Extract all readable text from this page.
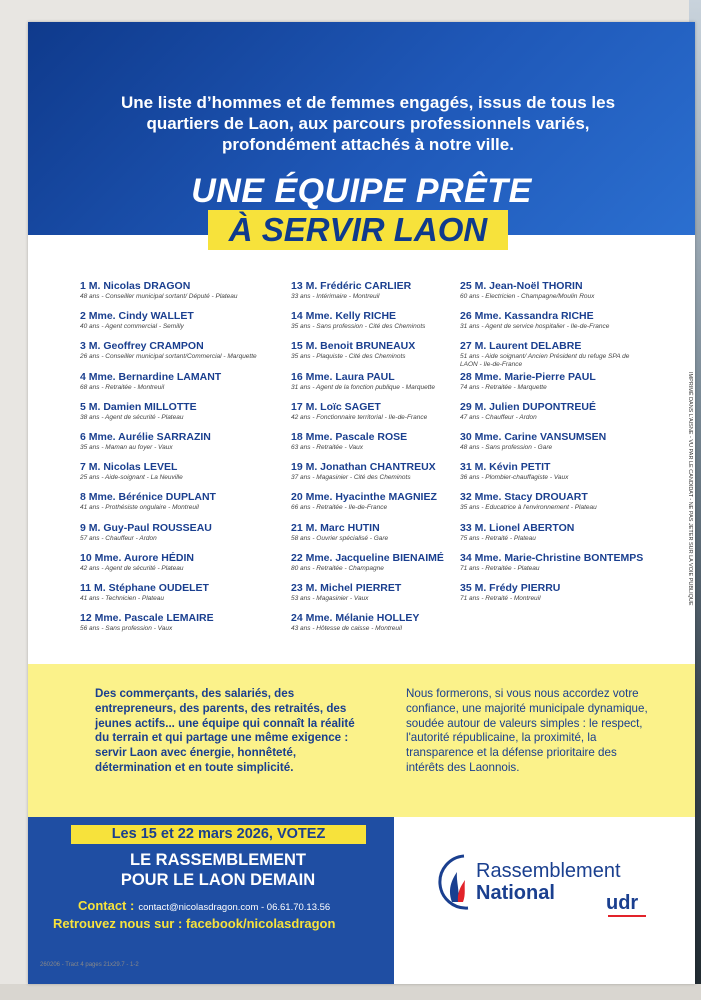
Une liste d’hommes et de femmes engagés, issus de tous les quartiers de Laon, aux parcours professionnels variés, profondément attachés à notre ville.

UNE ÉQUIPE PRÊTE
À SERVIR LAON
1 M. Nicolas DRAGON
48 ans - Conseiller municipal sortant/ Député - Plateau
2 Mme. Cindy WALLET
40 ans - Agent commercial - Semilly
3 M. Geoffrey CRAMPON
26 ans - Conseiller municipal sortant/Commercial - Marquette
4 Mme. Bernardine LAMANT
68 ans - Retraitée - Montreuil
5 M. Damien MILLOTTE
38 ans - Agent de sécurité - Plateau
6 Mme. Aurélie SARRAZIN
35 ans - Maman au foyer - Vaux
7 M. Nicolas LEVEL
25 ans - Aide-soignant - La Neuville
8 Mme. Bérénice DUPLANT
41 ans - Prothésiste ongulaire - Montreuil
9 M. Guy-Paul ROUSSEAU
57 ans - Chauffeur - Ardon
10 Mme. Aurore HÉDIN
42 ans - Agent de sécurité - Plateau
11 M. Stéphane OUDELET
41 ans - Technicien - Plateau
12 Mme. Pascale LEMAIRE
56 ans - Sans profession - Vaux
13 M. Frédéric CARLIER
33 ans - Intérimaire - Montreuil
14 Mme. Kelly RICHE
35 ans - Sans profession - Cité des Cheminots
15 M. Benoit BRUNEAUX
35 ans - Plaquiste - Cité des Cheminots
16 Mme. Laura PAUL
31 ans - Agent de la fonction publique - Marquette
17 M. Loïc SAGET
42 ans - Fonctionnaire territorial - Ile-de-France
18 Mme. Pascale ROSE
63 ans - Retraitée - Vaux
19 M. Jonathan CHANTREUX
37 ans - Magasinier - Cité des Cheminots
20 Mme. Hyacinthe MAGNIEZ
66 ans - Retraitée - Ile-de-France
21 M. Marc HUTIN
58 ans - Ouvrier spécialisé - Gare
22 Mme. Jacqueline BIENAIMÉ
80 ans - Retraitée - Champagne
23 M. Michel PIERRET
53 ans - Magasinier - Vaux
24 Mme. Mélanie HOLLEY
43 ans - Hôtesse de caisse - Montreuil
25 M. Jean-Noël THORIN
60 ans - Electricien - Champagne/Moulin Roux
26 Mme. Kassandra RICHE
31 ans - Agent de service hospitalier - Ile-de-France
27 M. Laurent DELABRE
51 ans - Aide soignant/ Ancien Président du refuge SPA de LAON - Ile-de-France
28 Mme. Marie-Pierre PAUL
74 ans - Retraitée - Marquette
29 M. Julien DUPONTREUÉ
47 ans - Chauffeur - Ardon
30 Mme. Carine VANSUMSEN
48 ans - Sans profession - Gare
31 M. Kévin PETIT
36 ans - Plombier-chauffagiste - Vaux
32 Mme. Stacy DROUART
35 ans - Educatrice à l'environnement - Plateau
33 M. Lionel ABERTON
75 ans - Retraité - Plateau
34 Mme. Marie-Christine BONTEMPS
71 ans - Retraitée - Plateau
35 M. Frédy PIERRU
71 ans - Retraité - Montreuil	IMPRIMÉ DANS L'AISNE - VU PAR LE CANDIDAT - NE PAS JETER SUR LA VOIE PUBLIQUE

Des commerçants, des salariés, des entrepreneurs, des parents, des retraités, des jeunes actifs... une équipe qui connaît la réalité du terrain et qui partage une même exigence : servir Laon avec énergie, honnêteté, détermination et en toute simplicité.

Nous formerons, si vous nous accordez votre confiance, une majorité municipale dynamique, soudée autour de valeurs simples : le respect, l'autorité républicaine, la proximité, la transparence et la défense prioritaire des intérêts des Laonnois.

Les 15 et 22 mars 2026, VOTEZ

LE RASSEMBLEMENT
POUR LE LAON DEMAIN

Contact : contact@nicolasdragon.com - 06.61.70.13.56
Retrouvez nous sur : facebook/nicolasdragon

Rassemblement
National	udr
260206 - Tract 4 pages 21x29.7 - 1-2
